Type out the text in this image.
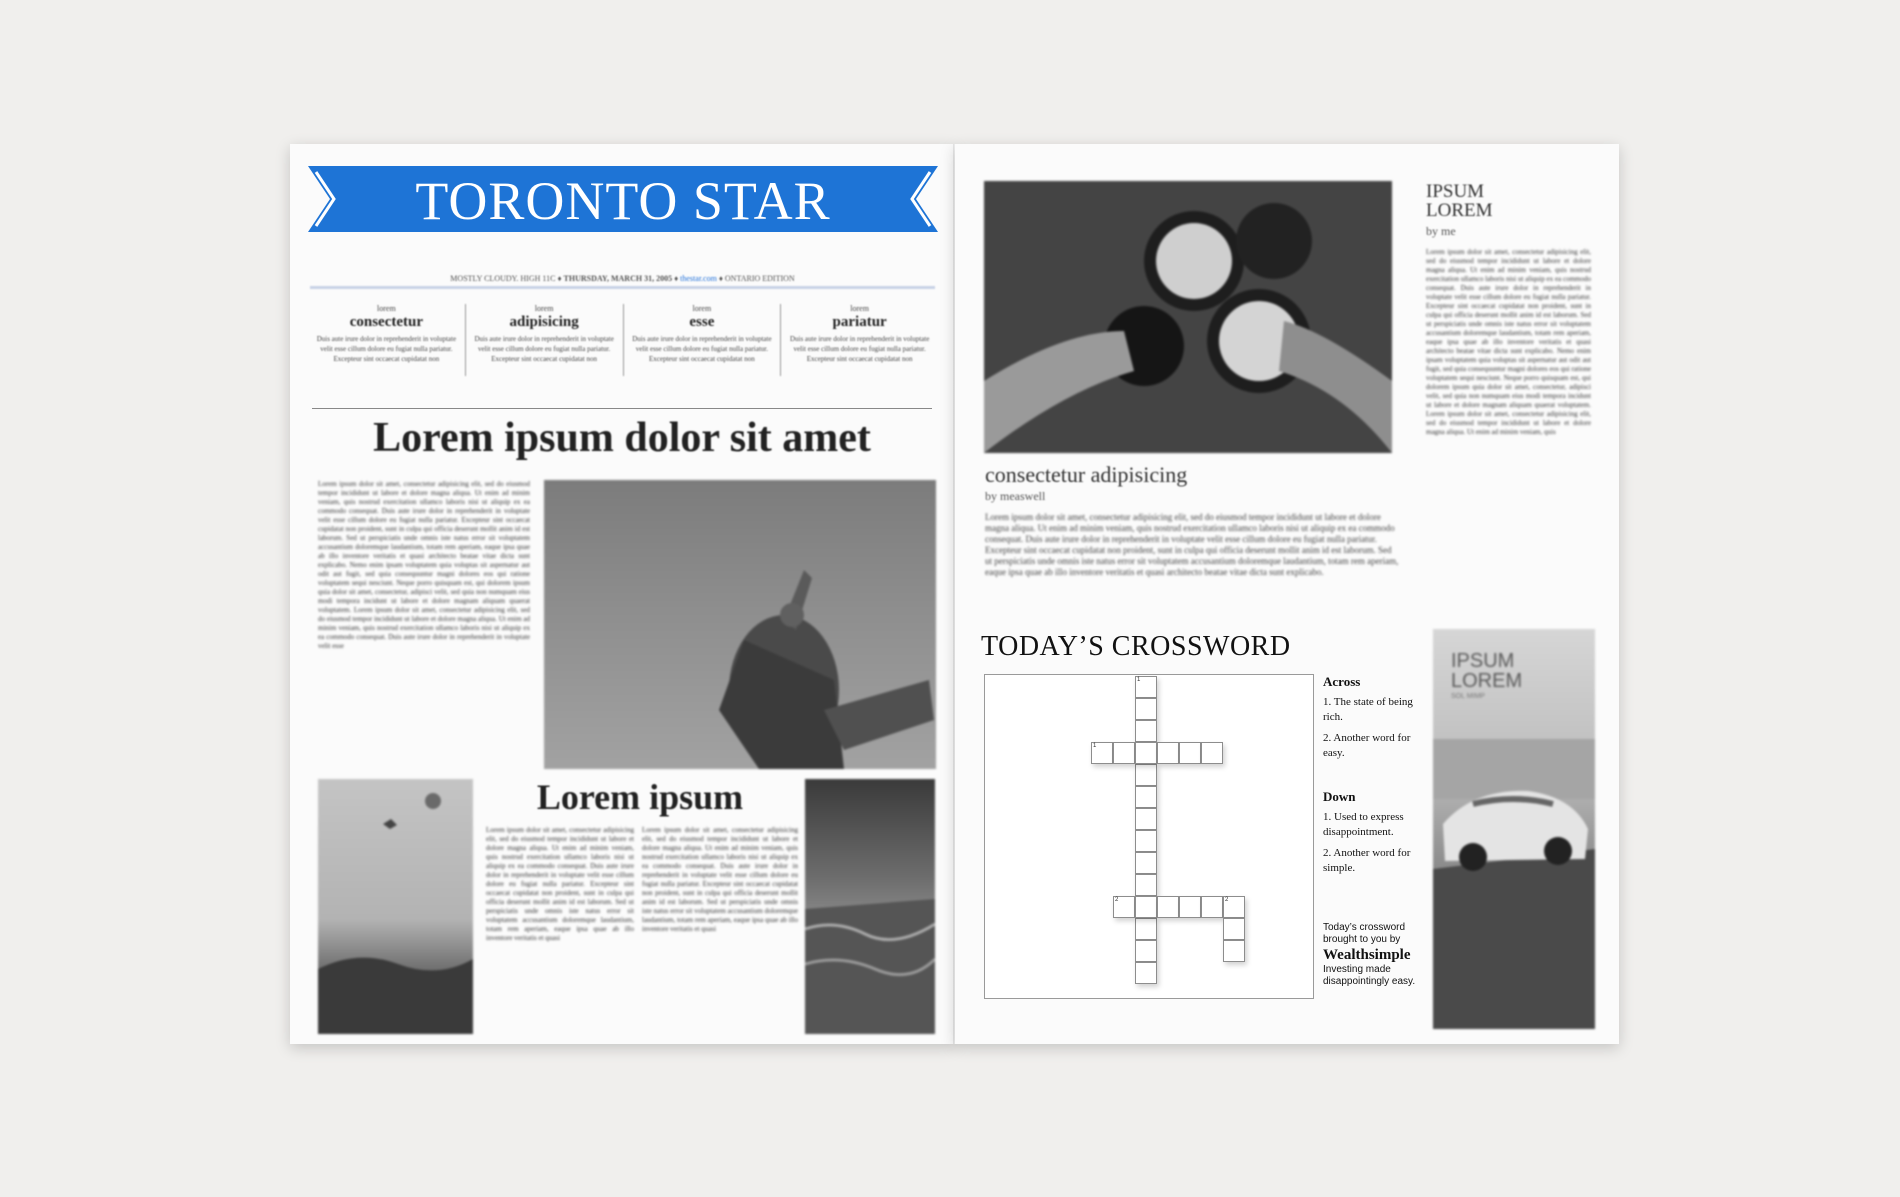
TORONTO STAR
MOSTLY CLOUDY. HIGH 11C ♦ THURSDAY, MARCH 31, 2005 ♦ thestar.com ♦ ONTARIO EDITION
lorem
consectetur
Duis aute irure dolor in reprehenderit in voluptate velit esse cillum dolore eu fugiat nulla pariatur. Excepteur sint occaecat cupidatat non
lorem
adipisicing
Duis aute irure dolor in reprehenderit in voluptate velit esse cillum dolore eu fugiat nulla pariatur. Excepteur sint occaecat cupidatat non
lorem
esse
Duis aute irure dolor in reprehenderit in voluptate velit esse cillum dolore eu fugiat nulla pariatur. Excepteur sint occaecat cupidatat non
lorem
pariatur
Duis aute irure dolor in reprehenderit in voluptate velit esse cillum dolore eu fugiat nulla pariatur. Excepteur sint occaecat cupidatat non
Lorem ipsum dolor sit amet
Lorem ipsum dolor sit amet, consectetur adipisicing elit, sed do eiusmod tempor incididunt ut labore et dolore magna aliqua. Ut enim ad minim veniam, quis nostrud exercitation ullamco laboris nisi ut aliquip ex ea commodo consequat. Duis aute irure dolor in reprehenderit in voluptate velit esse cillum dolore eu fugiat nulla pariatur. Excepteur sint occaecat cupidatat non proident, sunt in culpa qui officia deserunt mollit anim id est laborum. Sed ut perspiciatis unde omnis iste natus error sit voluptatem accusantium doloremque laudantium, totam rem aperiam, eaque ipsa quae ab illo inventore veritatis et quasi architecto beatae vitae dicta sunt explicabo. Nemo enim ipsam voluptatem quia voluptas sit aspernatur aut odit aut fugit, sed quia consequuntur magni dolores eos qui ratione voluptatem sequi nesciunt. Neque porro quisquam est, qui dolorem ipsum quia dolor sit amet, consectetur, adipisci velit, sed quia non numquam eius modi tempora incidunt ut labore et dolore magnam aliquam quaerat voluptatem. Lorem ipsum dolor sit amet, consectetur adipisicing elit, sed do eiusmod tempor incididunt ut labore et dolore magna aliqua. Ut enim ad minim veniam, quis nostrud exercitation ullamco laboris nisi ut aliquip ex ea commodo consequat. Duis aute irure dolor in reprehenderit in voluptate velit esse
Lorem ipsum
Lorem ipsum dolor sit amet, consectetur adipisicing elit, sed do eiusmod tempor incididunt ut labore et dolore magna aliqua. Ut enim ad minim veniam, quis nostrud exercitation ullamco laboris nisi ut aliquip ex ea commodo consequat. Duis aute irure dolor in reprehenderit in voluptate velit esse cillum dolore eu fugiat nulla pariatur. Excepteur sint occaecat cupidatat non proident, sunt in culpa qui officia deserunt mollit anim id est laborum. Sed ut perspiciatis unde omnis iste natus error sit voluptatem accusantium doloremque laudantium, totam rem aperiam, eaque ipsa quae ab illo inventore veritatis et quasi
Lorem ipsum dolor sit amet, consectetur adipisicing elit, sed do eiusmod tempor incididunt ut labore et dolore magna aliqua. Ut enim ad minim veniam, quis nostrud exercitation ullamco laboris nisi ut aliquip ex ea commodo consequat. Duis aute irure dolor in reprehenderit in voluptate velit esse cillum dolore eu fugiat nulla pariatur. Excepteur sint occaecat cupidatat non proident, sunt in culpa qui officia deserunt mollit anim id est laborum. Sed ut perspiciatis unde omnis iste natus error sit voluptatem accusantium doloremque laudantium, totam rem aperiam, eaque ipsa quae ab illo inventore veritatis et quasi
IPSUM
LOREM
by me
Lorem ipsum dolor sit amet, consectetur adipisicing elit, sed do eiusmod tempor incididunt ut labore et dolore magna aliqua. Ut enim ad minim veniam, quis nostrud exercitation ullamco laboris nisi ut aliquip ex ea commodo consequat. Duis aute irure dolor in reprehenderit in voluptate velit esse cillum dolore eu fugiat nulla pariatur. Excepteur sint occaecat cupidatat non proident, sunt in culpa qui officia deserunt mollit anim id est laborum. Sed ut perspiciatis unde omnis iste natus error sit voluptatem accusantium doloremque laudantium, totam rem aperiam, eaque ipsa quae ab illo inventore veritatis et quasi architecto beatae vitae dicta sunt explicabo. Nemo enim ipsam voluptatem quia voluptas sit aspernatur aut odit aut fugit, sed quia consequuntur magni dolores eos qui ratione voluptatem sequi nesciunt. Neque porro quisquam est, qui dolorem ipsum quia dolor sit amet, consectetur, adipisci velit, sed quia non numquam eius modi tempora incidunt ut labore et dolore magnam aliquam quaerat voluptatem. Lorem ipsum dolor sit amet, consectetur adipisicing elit, sed do eiusmod tempor incididunt ut labore et dolore magna aliqua. Ut enim ad minim veniam, quis
consectetur adipisicing
by measwell
Lorem ipsum dolor sit amet, consectetur adipisicing elit, sed do eiusmod tempor incididunt ut labore et dolore magna aliqua. Ut enim ad minim veniam, quis nostrud exercitation ullamco laboris nisi ut aliquip ex ea commodo consequat. Duis aute irure dolor in reprehenderit in voluptate velit esse cillum dolore eu fugiat nulla pariatur. Excepteur sint occaecat cupidatat non proident, sunt in culpa qui officia deserunt mollit anim id est laborum. Sed ut perspiciatis unde omnis iste natus error sit voluptatem accusantium doloremque laudantium, totam rem aperiam, eaque ipsa quae ab illo inventore veritatis et quasi architecto beatae vitae dicta sunt explicabo.
TODAY’S CROSSWORD
1
1
2	2
Across

1. The state of being rich.

2. Another word for easy.

Down

1. Used to express disappointment.

2. Another word for simple.

Today’s crossword brought to you by
Wealthsimple
Investing made disappointingly easy.
IPSUM
LOREM
SOL MIMP
